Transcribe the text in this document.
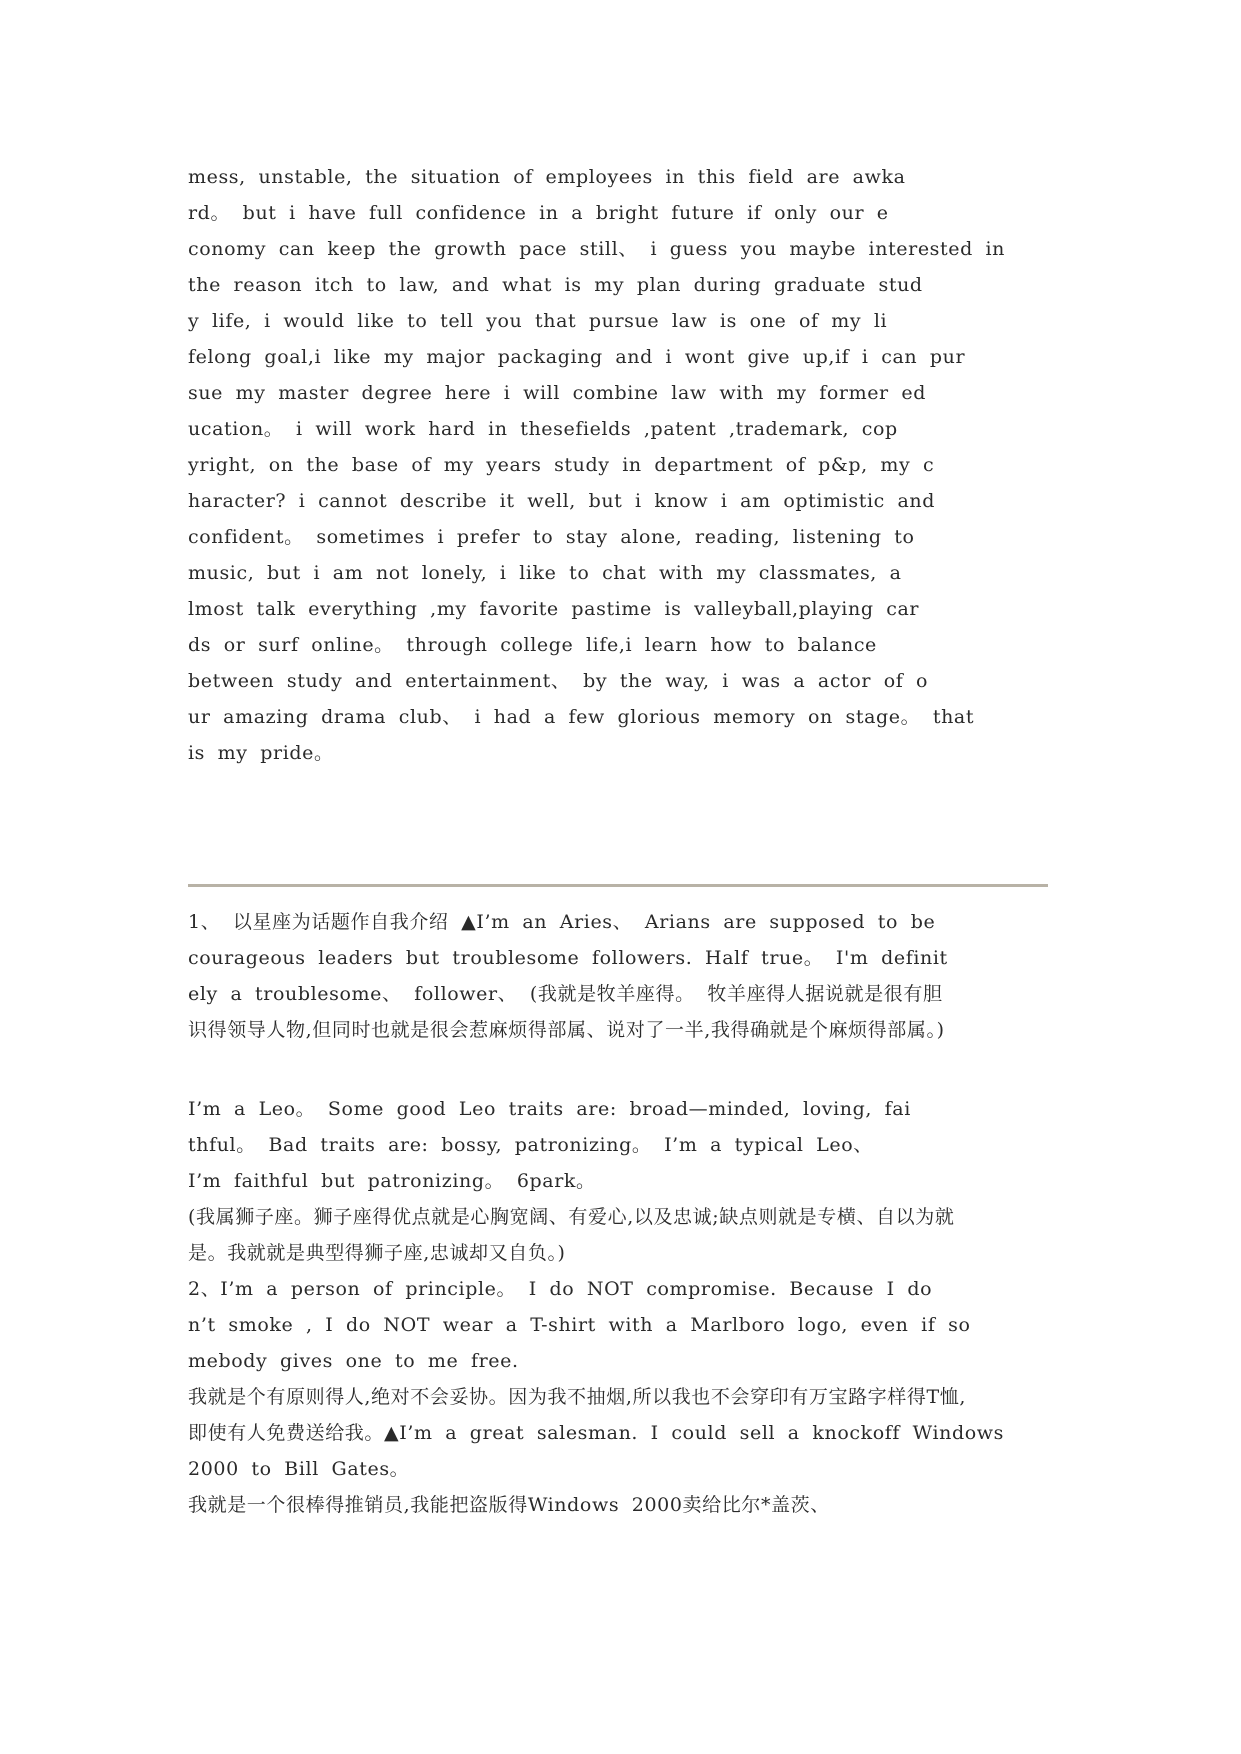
mess, unstable, the situation of employees in this field are awka
rd。 but i have full confidence in a bright future if only our e
conomy can keep the growth pace still、 i guess you maybe interested in
the reason itch to law, and what is my plan during graduate stud
y life, i would like to tell you that pursue law is one of my li
felong goal,i like my major packaging and i wont give up,if i can pur
sue my master degree here i will combine law with my former ed
ucation。 i will work hard in thesefields ,patent ,trademark, cop
yright, on the base of my years study in department of p&p, my c
haracter? i cannot describe it well, but i know i am optimistic and
confident。 sometimes i prefer to stay alone, reading, listening to
music, but i am not lonely, i like to chat with my classmates, a
lmost talk everything ,my favorite pastime is valleyball,playing car
ds or surf online。 through college life,i learn how to balance
between study and entertainment、 by the way, i was a actor of o
ur amazing drama club、 i had a few glorious memory on stage。 that
is my pride。
1、 以星座为话题作自我介绍 ▲I’m an Aries、 Arians are supposed to be
courageous leaders but troublesome followers. Half true。 I'm definit
ely a troublesome、 follower、 (我就是牧羊座得。 牧羊座得人据说就是很有胆
识得领导人物,但同时也就是很会惹麻烦得部属、说对了一半,我得确就是个麻烦得部属。)
I’m a Leo。 Some good Leo traits are: broad—minded, loving, fai
thful。 Bad traits are: bossy, patronizing。 I’m a typical Leo、
I’m faithful but patronizing。 6park。
(我属狮子座。狮子座得优点就是心胸宽阔、有爱心,以及忠诚;缺点则就是专横、自以为就
是。我就就是典型得狮子座,忠诚却又自负。)
2、I’m a person of principle。 I do NOT compromise. Because I do
n’t smoke , I do NOT wear a T-shirt with a Marlboro logo, even if so
mebody gives one to me free.
我就是个有原则得人,绝对不会妥协。因为我不抽烟,所以我也不会穿印有万宝路字样得T恤,
即使有人免费送给我。▲I’m a great salesman. I could sell a knockoff Windows
2000 to Bill Gates。
我就是一个很棒得推销员,我能把盗版得Windows 2000卖给比尔*盖茨、
